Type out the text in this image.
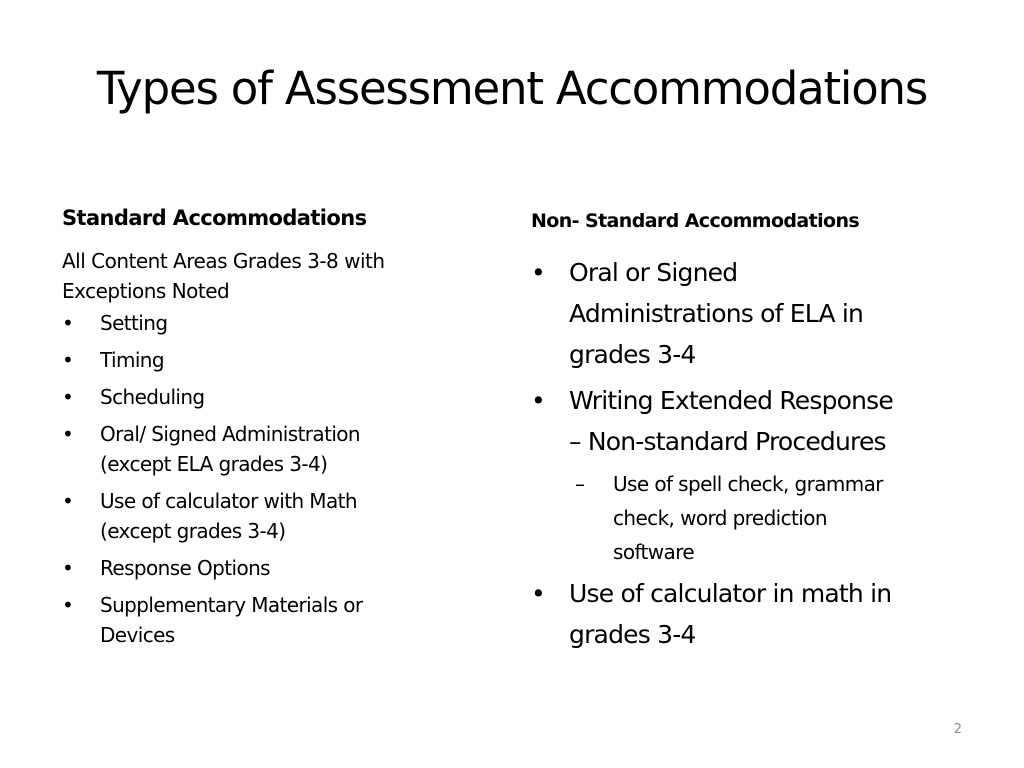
Types of Assessment Accommodations

Standard Accommodations

All Content Areas Grades 3-8 with
Exceptions Noted

• Setting
• Timing
• Scheduling
• Oral/ Signed Administration
(except ELA grades 3-4)
• Use of calculator with Math
(except grades 3-4)
• Response Options
• Supplementary Materials or
Devices

Non- Standard Accommodations

• Oral or Signed
Administrations of ELA in
grades 3-4
• Writing Extended Response
– Non-standard Procedures
– Use of spell check, grammar
check, word prediction
software
• Use of calculator in math in
grades 3-4
2
